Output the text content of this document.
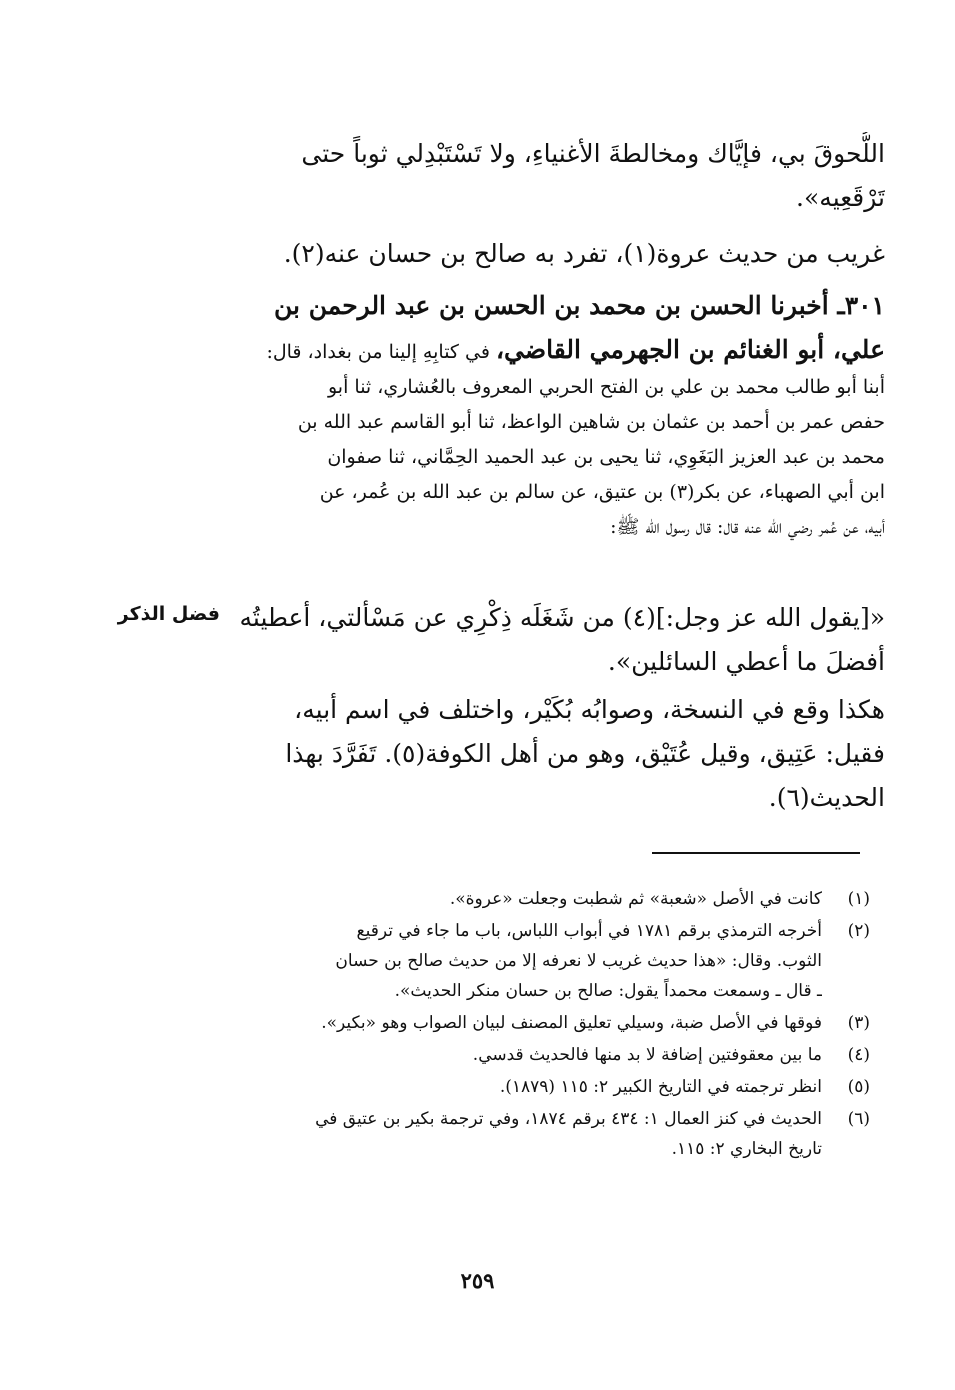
اللُّحوقَ بي، فإيَّاك ومخالطةَ الأغنياءِ، ولا تَسْتَبْدِلي ثوباً حتى
تَرْقَعِيه».
غريب من حديث عروة(١)، تفرد به صالح بن حسان عنه(٢).
٣٠١ـ أخبرنا الحسن بن محمد بن الحسن بن عبد الرحمن بن
علي، أبو الغنائم بن الجهرمي القاضي، في كتابِهِ إلينا من بغداد، قال:
أبنا أبو طالب محمد بن علي بن الفتح الحربي المعروف بالعُشاري، ثنا أبو
حفص عمر بن أحمد بن عثمان بن شاهين الواعظ، ثنا أبو القاسم عبد الله بن
محمد بن عبد العزيز البَغَوِي، ثنا يحيى بن عبد الحميد الحِمَّاني، ثنا صفوان
ابن أبي الصهباء، عن بكر(٣) بن عتيق، عن سالم بن عبد الله بن عُمر، عن
أبيه، عن عُمر رضي الله عنه قال: قال رسول الله ﷺ:
«[يقول الله عز وجل:](٤) من شَغَلَه ذِكْرِي عن مَسْألتي، أعطيتُه
أفضلَ ما أعطي السائلين».
فضل الذكر
هكذا وقع في النسخة، وصوابُه بُكَيْر، واختلف في اسم أبيه،
فقيل: عَتِيق، وقيل عُتَيْق، وهو من أهل الكوفة(٥). تَفَرَّدَ بهذا
الحديث(٦).
(١)
كانت في الأصل «شعبة» ثم شطبت وجعلت «عروة».
(٢)
أخرجه الترمذي برقم ١٧٨١ في أبواب اللباس، باب ما جاء في ترقيع
الثوب. وقال: «هذا حديث غريب لا نعرفه إلا من حديث صالح بن حسان
ـ قال ـ وسمعت محمداً يقول: صالح بن حسان منكر الحديث».
(٣)
فوقها في الأصل ضبة، وسيلي تعليق المصنف لبيان الصواب وهو «بكير».
(٤)
ما بين معقوفتين إضافة لا بد منها فالحديث قدسي.
(٥)
انظر ترجمته في التاريخ الكبير ٢: ١١٥ (١٨٧٩).
(٦)
الحديث في كنز العمال ١: ٤٣٤ برقم ١٨٧٤، وفي ترجمة بكير بن عتيق في
تاريخ البخاري ٢: ١١٥.
٢٥٩
